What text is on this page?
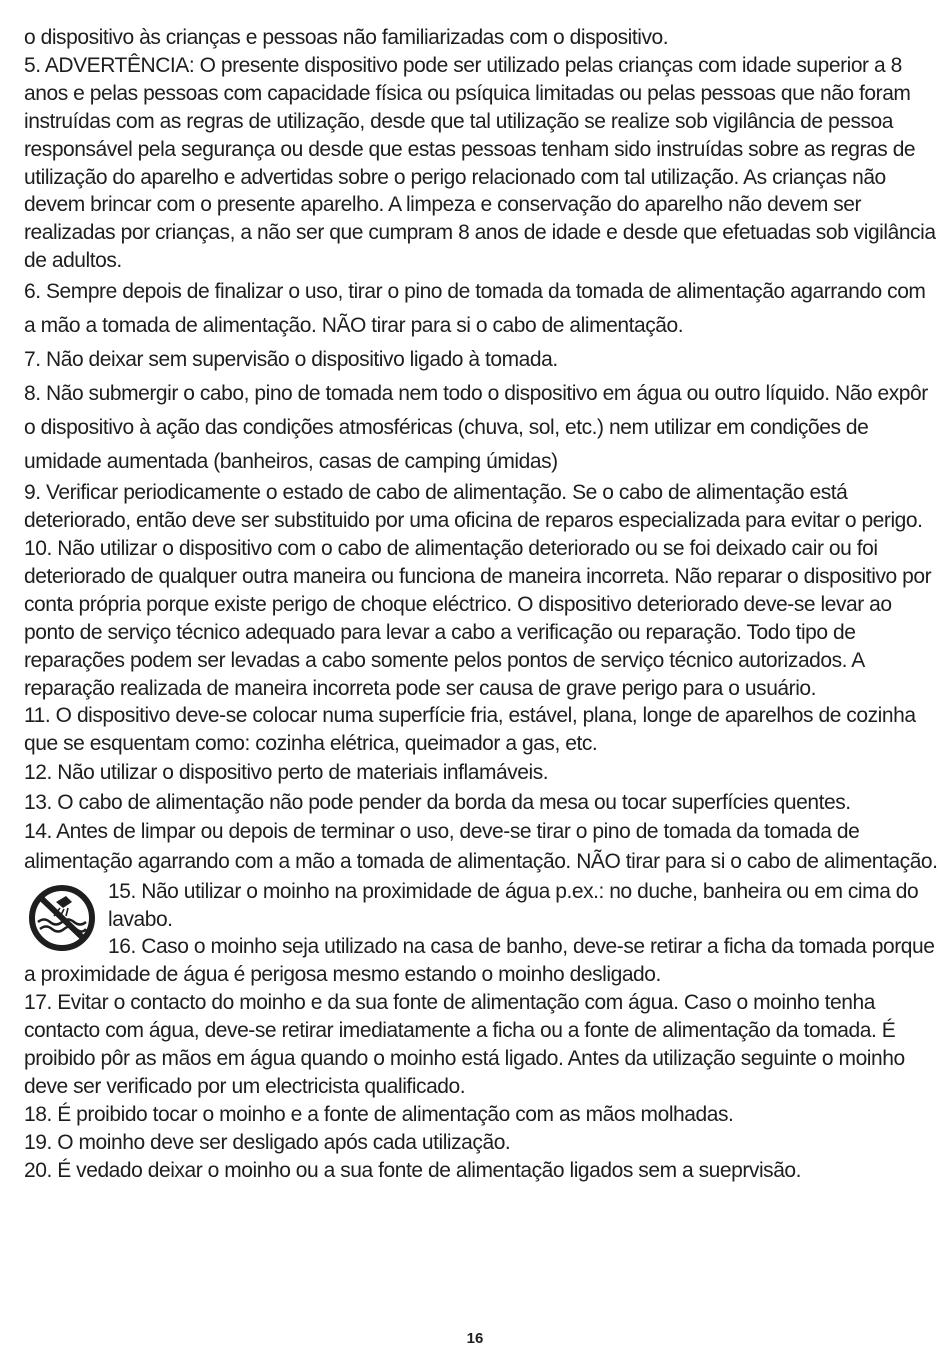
o dispositivo às crianças e pessoas não familiarizadas com o dispositivo.

5. ADVERTÊNCIA: O presente dispositivo pode ser utilizado pelas crianças com idade superior a 8 anos e pelas pessoas com capacidade física ou psíquica limitadas ou pelas pessoas que não foram instruídas com as regras de utilização, desde que tal utilização se realize sob vigilância de pessoa responsável pela segurança ou desde que estas pessoas tenham sido instruídas sobre as regras de utilização do aparelho e advertidas sobre o perigo relacionado com tal utilização. As crianças não devem brincar com o presente aparelho. A limpeza e conservação do aparelho não devem ser realizadas por crianças, a não ser que cumpram 8 anos de idade e desde que efetuadas sob vigilância de adultos.

6. Sempre depois de finalizar o uso, tirar o pino de tomada da tomada de alimentação agarrando com a mão a tomada de alimentação. NÃO tirar para si o cabo de alimentação.

7. Não deixar sem supervisão o dispositivo ligado à tomada.

8. Não submergir o cabo, pino de tomada nem todo o dispositivo em água ou outro líquido. Não expôr o dispositivo à ação das condições atmosféricas (chuva, sol, etc.) nem utilizar em condições de umidade aumentada (banheiros, casas de camping úmidas)

9. Verificar periodicamente o estado de cabo de alimentação. Se o cabo de alimentação está deteriorado, então deve ser substituido por uma oficina de reparos especializada para evitar o perigo.

10. Não utilizar o dispositivo com o cabo de alimentação deteriorado ou se foi deixado cair ou foi deteriorado de qualquer outra maneira ou funciona de maneira incorreta. Não reparar o dispositivo por conta própria porque existe perigo de choque eléctrico. O dispositivo deteriorado deve-se levar ao ponto de serviço técnico adequado para levar a cabo a verificação ou reparação. Todo tipo de reparações podem ser levadas a cabo somente pelos pontos de serviço técnico autorizados. A reparação realizada de maneira incorreta pode ser causa de grave perigo para o usuário.

11. O dispositivo deve-se colocar numa superfície fria, estável, plana, longe de aparelhos de cozinha que se esquentam como: cozinha elétrica, queimador a gas, etc.

12. Não utilizar o dispositivo perto de materiais inflamáveis.

13. O cabo de alimentação não pode pender da borda da mesa ou tocar superfícies quentes.

14. Antes de limpar ou depois de terminar o uso, deve-se tirar o pino de tomada da tomada de alimentação agarrando com a mão a tomada de alimentação. NÃO tirar para si o cabo de alimentação.

15. Não utilizar o moinho na proximidade de água p.ex.: no duche, banheira ou em cima do lavabo.

16. Caso o moinho seja utilizado na casa de banho, deve-se retirar a ficha da tomada porque a proximidade de água é perigosa mesmo estando o moinho desligado.

17. Evitar o contacto do moinho e da sua fonte de alimentação com água. Caso o moinho tenha contacto com água, deve-se retirar imediatamente a ficha ou a fonte de alimentação da tomada. É proibido pôr as mãos em água quando o moinho está ligado. Antes da utilização seguinte o moinho deve ser verificado por um electricista qualificado.

18. É proibido tocar o moinho e a fonte de alimentação com as mãos molhadas.

19. O moinho deve ser desligado após cada utilização.

20. É vedado deixar o moinho ou a sua fonte de alimentação ligados sem a sueprvisão.

16
